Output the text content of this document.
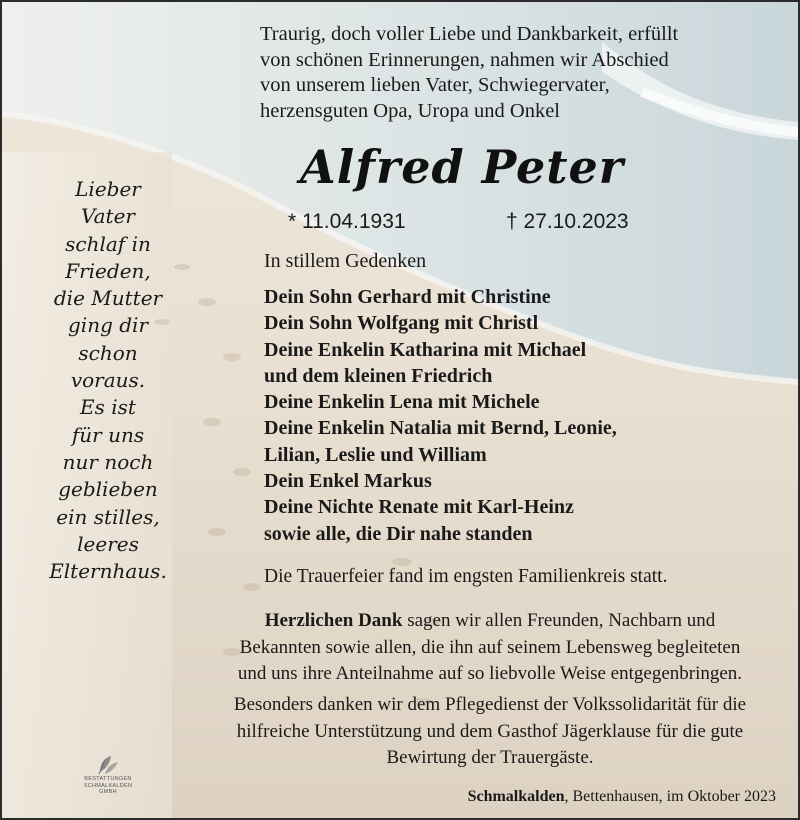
Traurig, doch voller Liebe und Dankbarkeit, erfüllt
von schönen Erinnerungen, nahmen wir Abschied
von unserem lieben Vater, Schwiegervater,
herzensguten Opa, Uropa und Onkel
Alfred Peter
* 11.04.1931	† 27.10.2023
In stillem Gedenken
Dein Sohn Gerhard mit Christine
Dein Sohn Wolfgang mit Christl
Deine Enkelin Katharina mit Michael
und dem kleinen Friedrich
Deine Enkelin Lena mit Michele
Deine Enkelin Natalia mit Bernd, Leonie,
Lilian, Leslie und William
Dein Enkel Markus
Deine Nichte Renate mit Karl-Heinz
sowie alle, die Dir nahe standen
Die Trauerfeier fand im engsten Familienkreis statt.
Herzlichen Dank sagen wir allen Freunden, Nachbarn und
Bekannten sowie allen, die ihn auf seinem Lebensweg begleiteten
und uns ihre Anteilnahme auf so liebvolle Weise entgegenbringen.
Besonders danken wir dem Pflegedienst der Volkssolidarität für die
hilfreiche Unterstützung und dem Gasthof Jägerklause für die gute
Bewirtung der Trauergäste.
Lieber
Vater
schlaf in
Frieden,
die Mutter
ging dir
schon
voraus.
Es ist
für uns
nur noch
geblieben
ein stilles,
leeres
Elternhaus.
BESTATTUNGEN
SCHMALKALDEN
GMBH	Schmalkalden, Bettenhausen, im Oktober 2023
